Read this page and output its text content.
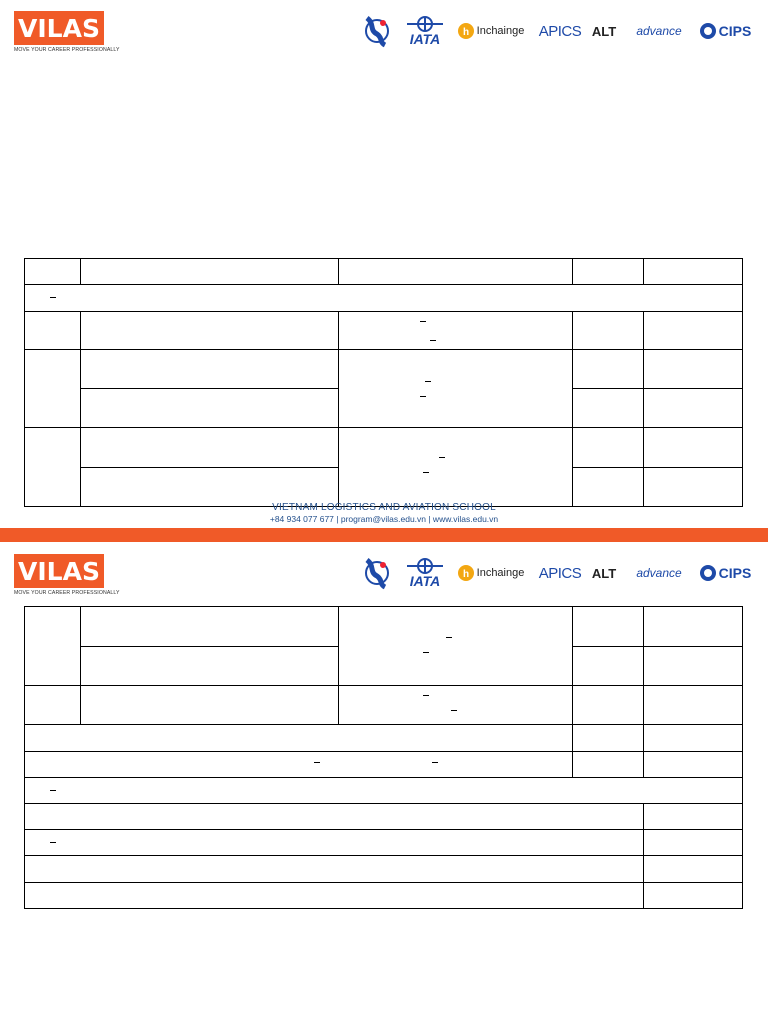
VILAS
MOVE YOUR CAREER PROFESSIONALLY
IATA h Inchainge APICS ALT advance	CIPS

VIETNAM LOGISTICS AND AVIATION SCHOOL
+84 934 077 677 | program@vilas.edu.vn | www.vilas.edu.vn
VILAS
MOVE YOUR CAREER PROFESSIONALLY
IATA h Inchainge APICS ALT advance	CIPS
